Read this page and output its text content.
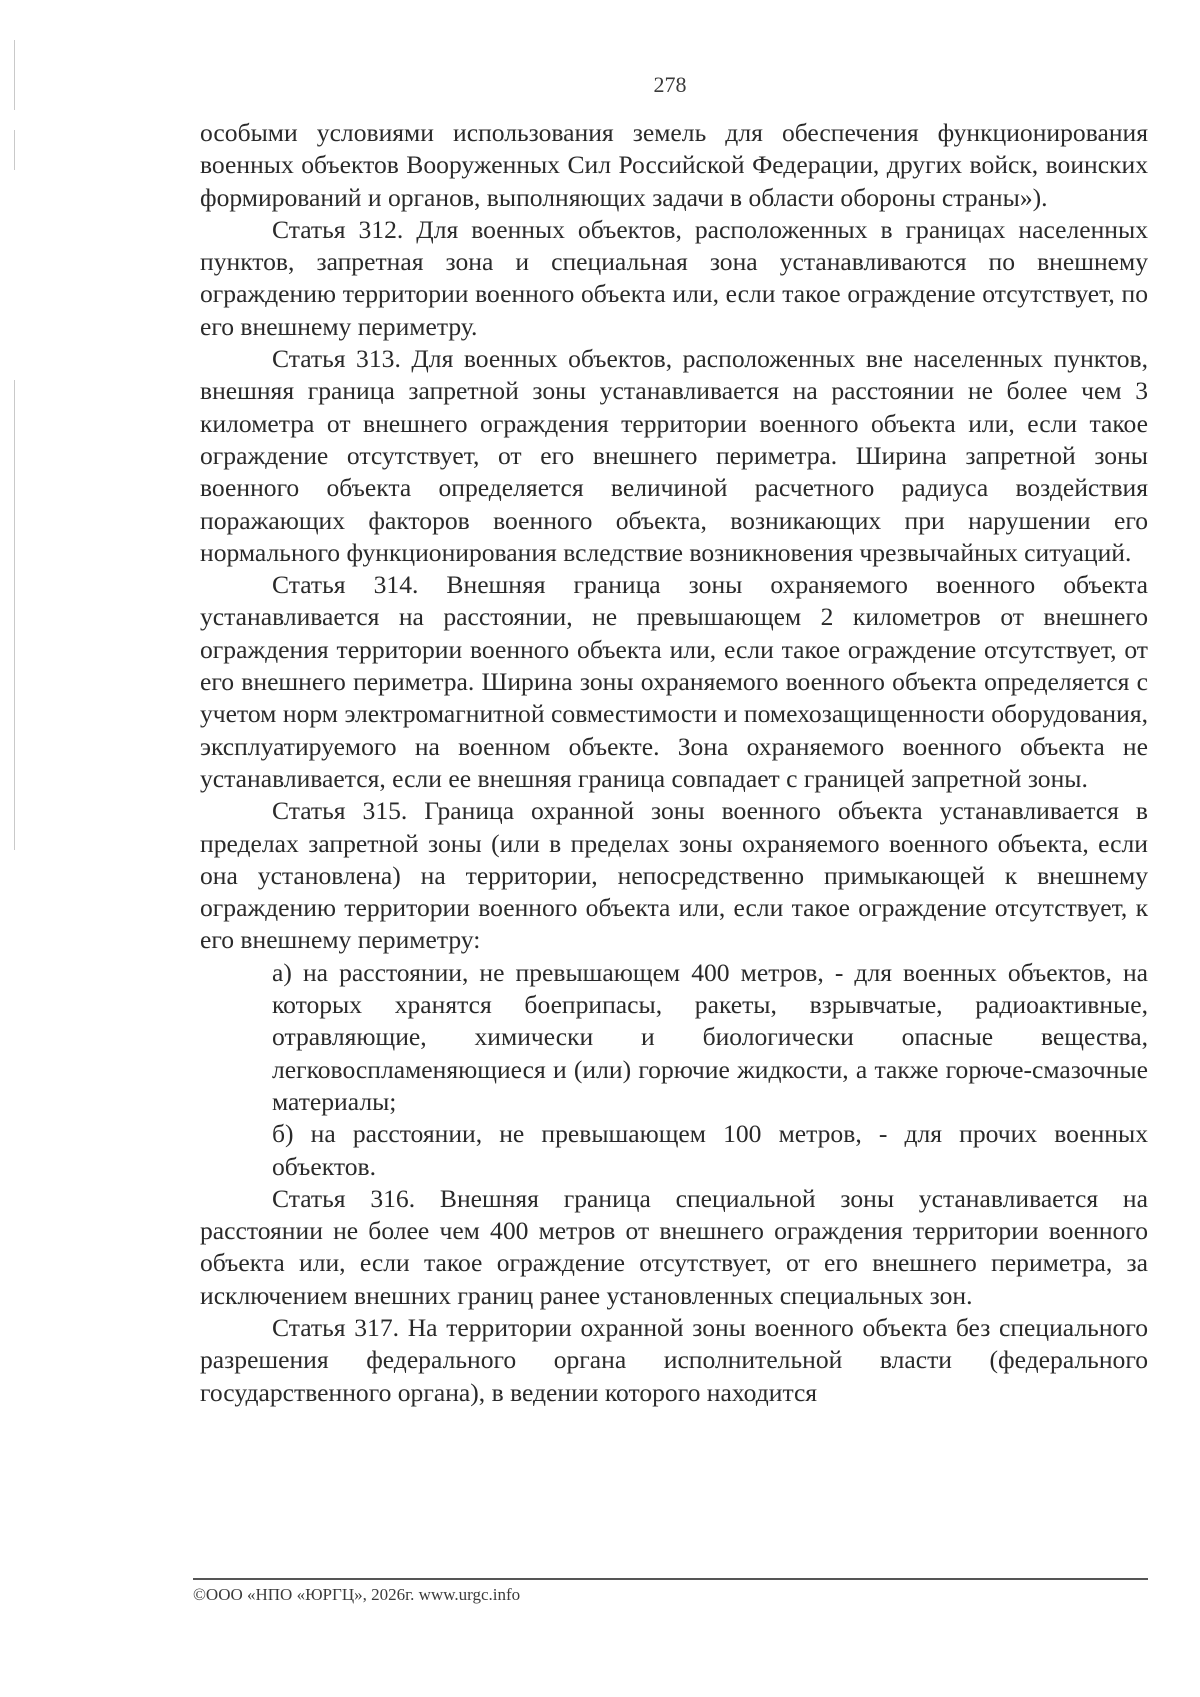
278

особыми условиями использования земель для обеспечения функционирования военных объектов Вооруженных Сил Российской Федерации, других войск, воинских формирований и органов, выполняющих задачи в области обороны страны»).

Статья 312. Для военных объектов, расположенных в границах населенных пунктов, запретная зона и специальная зона устанавливаются по внешнему ограждению территории военного объекта или, если такое ограждение отсутствует, по его внешнему периметру.

Статья 313. Для военных объектов, расположенных вне населенных пунктов, внешняя граница запретной зоны устанавливается на расстоянии не более чем 3 километра от внешнего ограждения территории военного объекта или, если такое ограждение отсутствует, от его внешнего периметра. Ширина запретной зоны военного объекта определяется величиной расчетного радиуса воздействия поражающих факторов военного объекта, возникающих при нарушении его нормального функционирования вследствие возникновения чрезвычайных ситуаций.

Статья 314. Внешняя граница зоны охраняемого военного объекта устанавливается на расстоянии, не превышающем 2 километров от внешнего ограждения территории военного объекта или, если такое ограждение отсутствует, от его внешнего периметра. Ширина зоны охраняемого военного объекта определяется с учетом норм электромагнитной совместимости и помехозащищенности оборудования, эксплуатируемого на военном объекте. Зона охраняемого военного объекта не устанавливается, если ее внешняя граница совпадает с границей запретной зоны.

Статья 315. Граница охранной зоны военного объекта устанавливается в пределах запретной зоны (или в пределах зоны охраняемого военного объекта, если она установлена) на территории, непосредственно примыкающей к внешнему ограждению территории военного объекта или, если такое ограждение отсутствует, к его внешнему периметру:

а) на расстоянии, не превышающем 400 метров, - для военных объектов, на которых хранятся боеприпасы, ракеты, взрывчатые, радиоактивные, отравляющие, химически и биологически опасные вещества, легковоспламеняющиеся и (или) горючие жидкости, а также горюче-смазочные материалы;

б) на расстоянии, не превышающем 100 метров, - для прочих военных объектов.

Статья 316. Внешняя граница специальной зоны устанавливается на расстоянии не более чем 400 метров от внешнего ограждения территории военного объекта или, если такое ограждение отсутствует, от его внешнего периметра, за исключением внешних границ ранее установленных специальных зон.

Статья 317. На территории охранной зоны военного объекта без специального разрешения федерального органа исполнительной власти (федерального государственного органа), в ведении которого находится

©ООО «НПО «ЮРГЦ», 2026г. www.urgc.info
